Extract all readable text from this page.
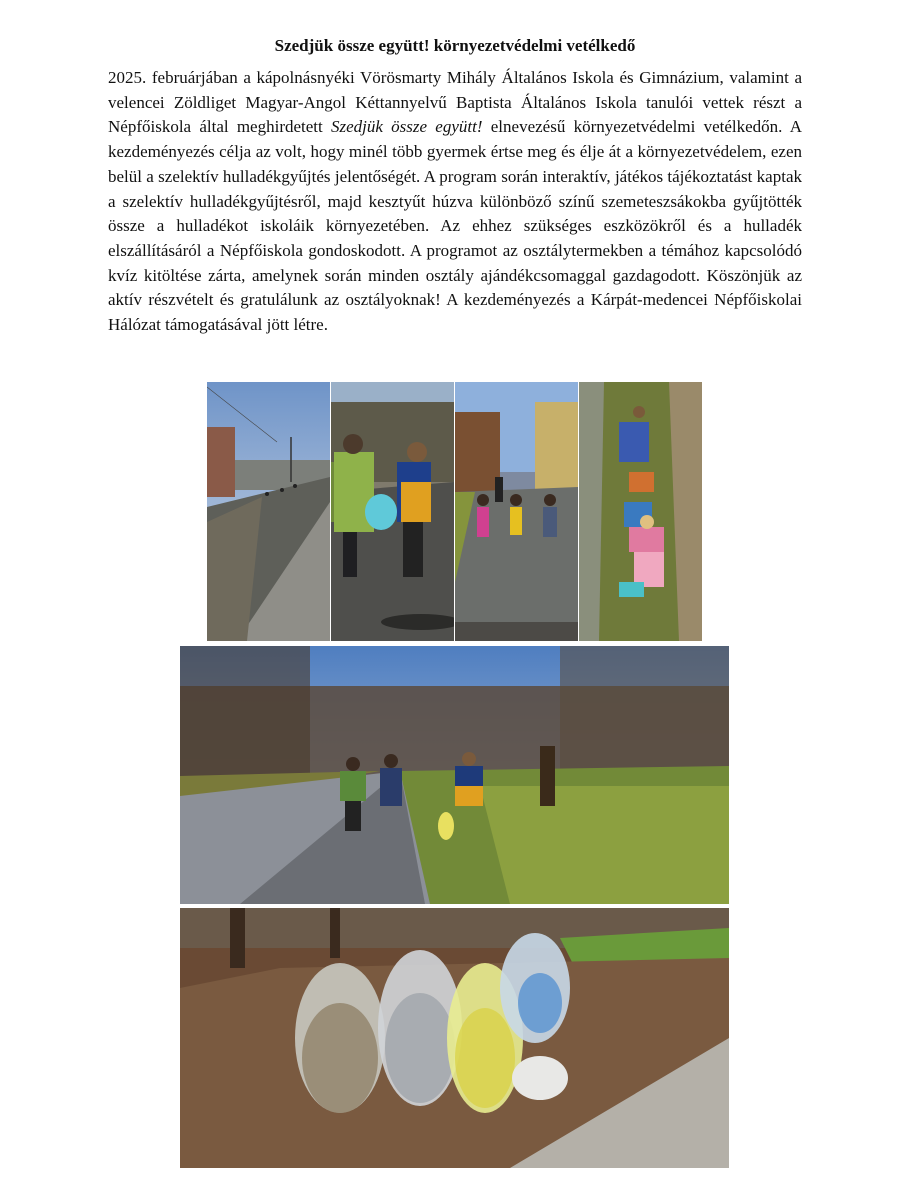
Szedjük össze együtt! környezetvédelmi vetélkedő
2025. februárjában a kápolnásnyéki Vörösmarty Mihály Általános Iskola és Gimnázium, valamint a velencei Zöldliget Magyar-Angol Kéttannyelvű Baptista Általános Iskola tanulói vettek részt a Népfőiskola által meghirdetett Szedjük össze együtt! elnevezésű környezetvédelmi vetélkedőn. A kezdeményezés célja az volt, hogy minél több gyermek értse meg és élje át a környezetvédelem, ezen belül a szelektív hulladékgyűjtés jelentőségét. A program során interaktív, játékos tájékoztatást kaptak a szelektív hulladékgyűjtésről, majd kesztyűt húzva különböző színű szemeteszsákokba gyűjtötték össze a hulladékot iskoláik környezetében. Az ehhez szükséges eszközökről és a hulladék elszállításáról a Népfőiskola gondoskodott. A programot az osztálytermekben a témához kapcsolódó kvíz kitöltése zárta, amelynek során minden osztály ajándékcsomaggal gazdagodott. Köszönjük az aktív részvételt és gratulálunk az osztályoknak! A kezdeményezés a Kárpát-medencei Népfőiskolai Hálózat támogatásával jött létre.
